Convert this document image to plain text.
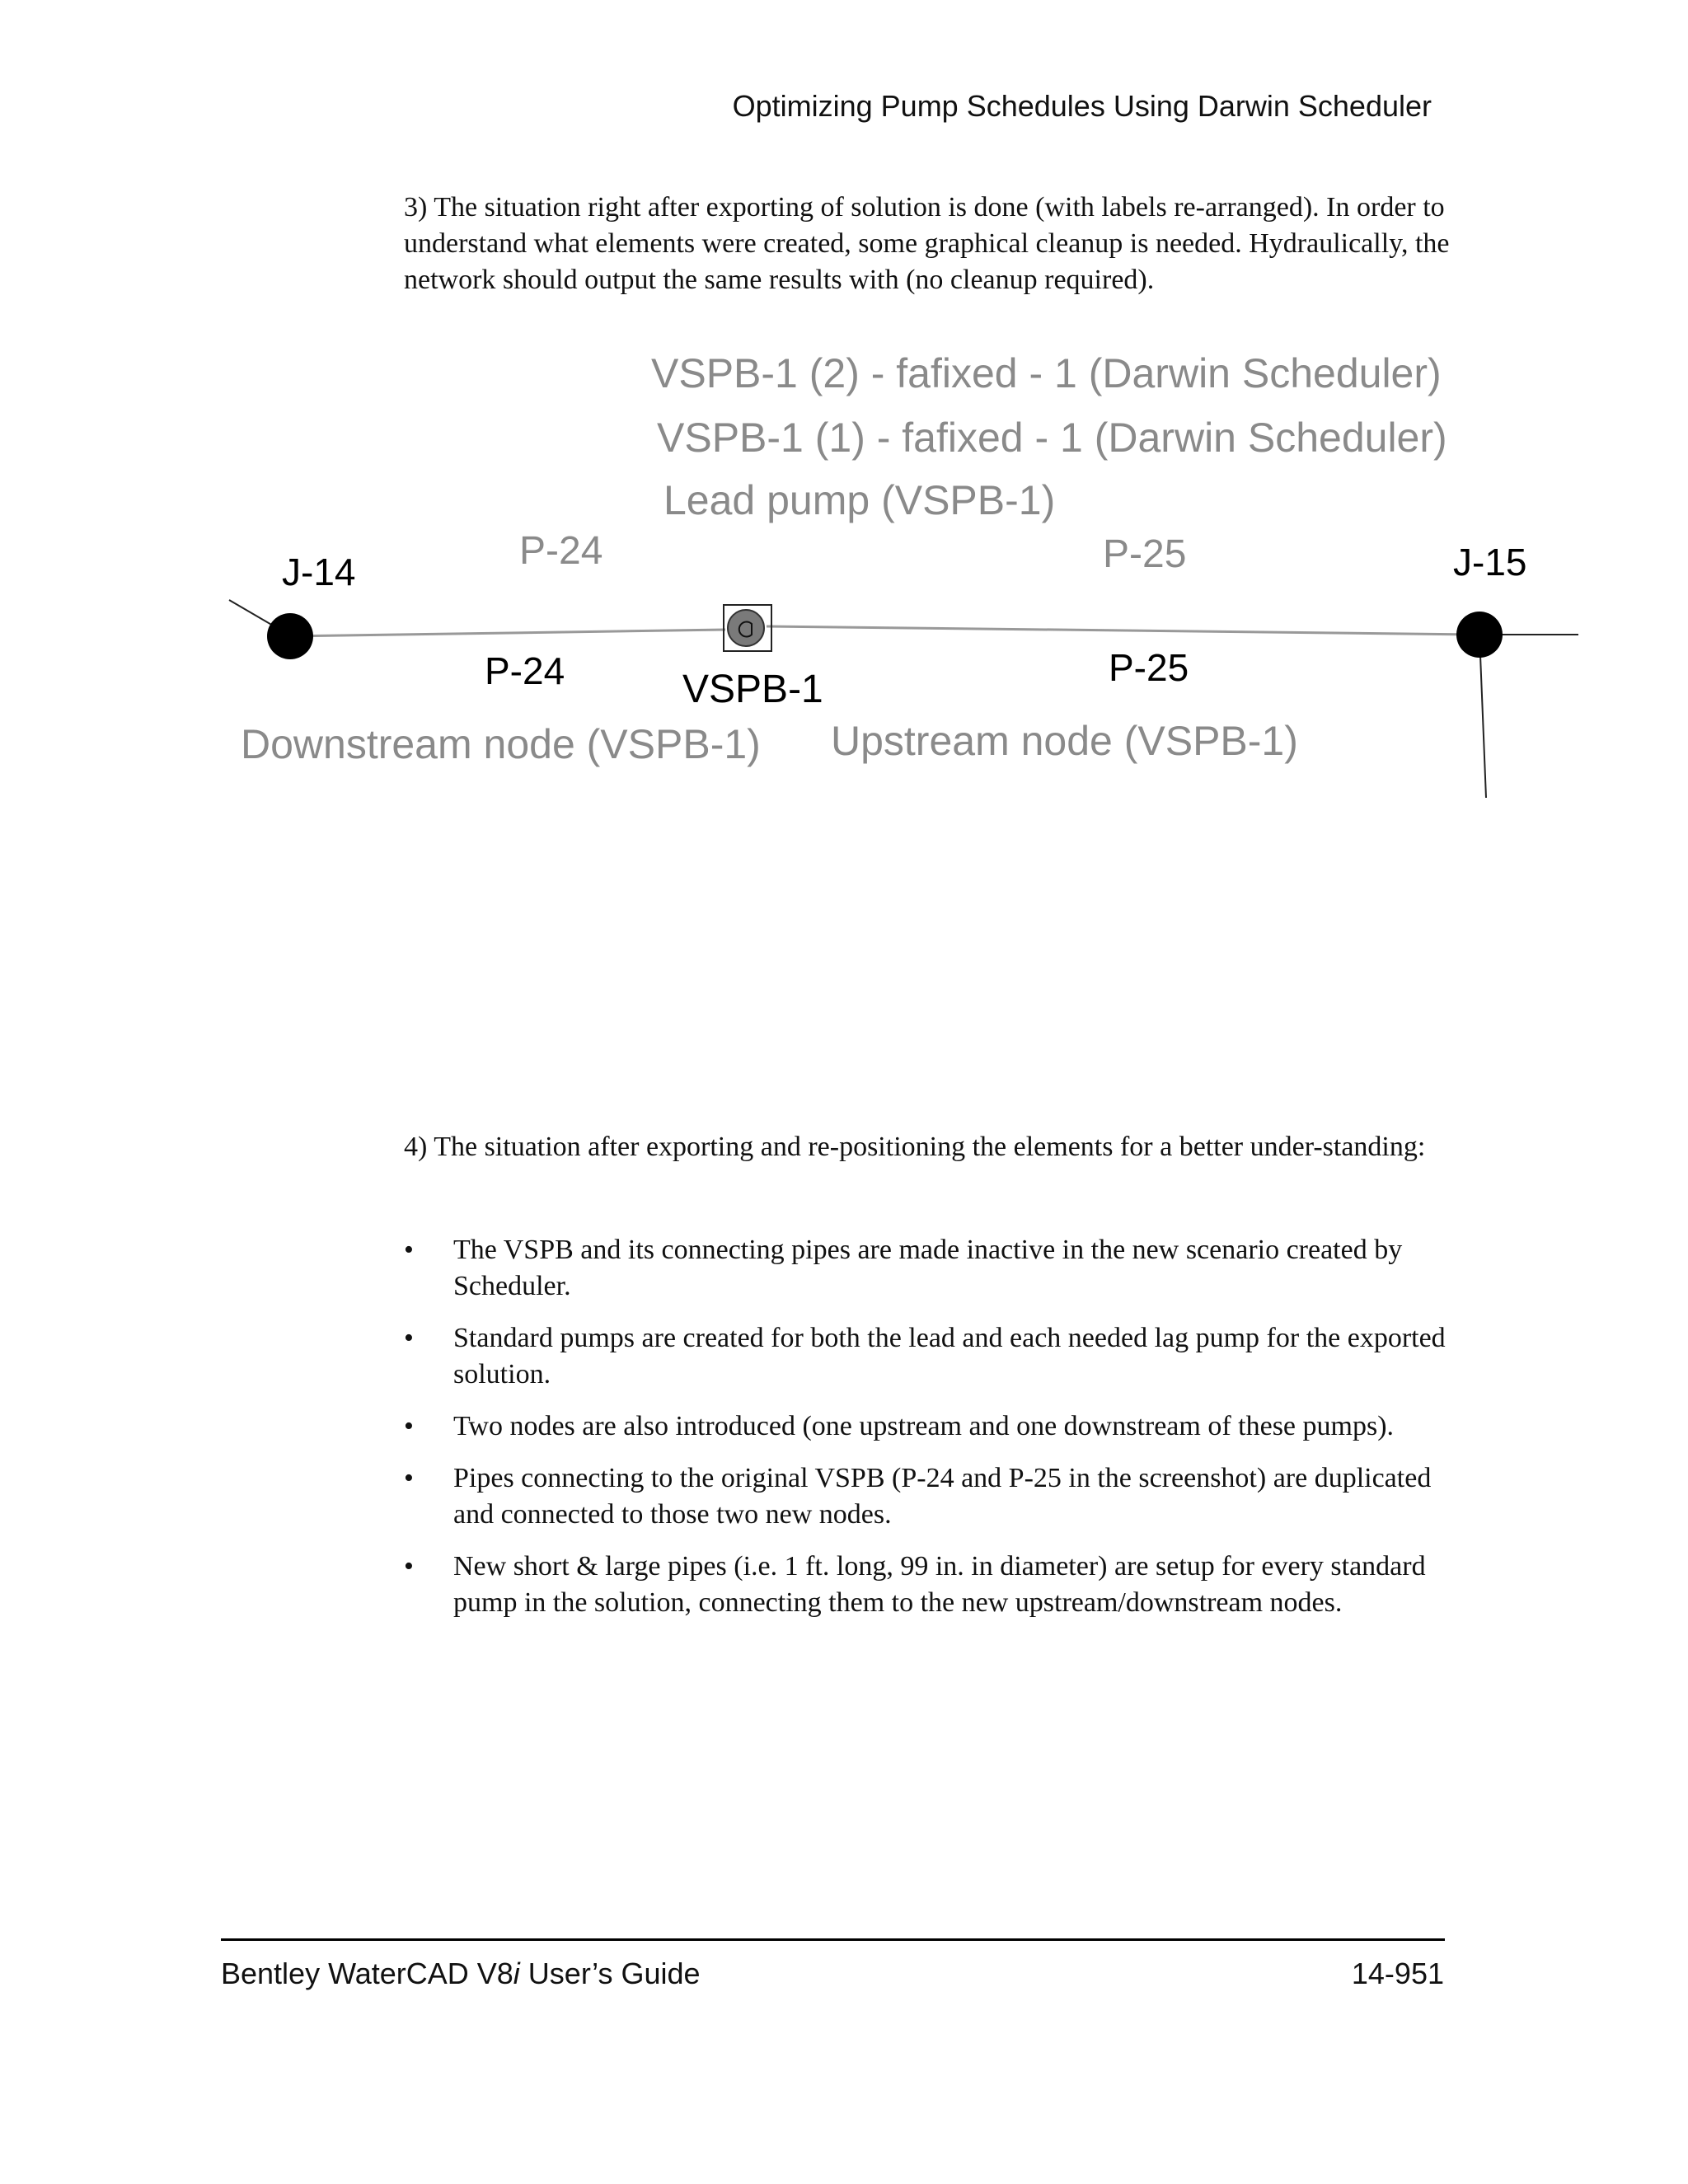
Optimizing Pump Schedules Using Darwin Scheduler

3) The situation right after exporting of solution is done (with labels re-arranged). In order to understand what elements were created, some graphical cleanup is needed. Hydraulically, the network should output the same results with (no cleanup required).

VSPB-1 (2) - fafixed - 1 (Darwin Scheduler)
VSPB-1 (1) - fafixed - 1 (Darwin Scheduler)
Lead pump (VSPB-1)
P-24	P-25
Downstream node (VSPB-1) Upstream node (VSPB-1)
J-14	J-15
P-24	P-25
VSPB-1

4) The situation after exporting and re-positioning the elements for a better under-standing:

•	The VSPB and its connecting pipes are made inactive in the new scenario created by Scheduler.
•	Standard pumps are created for both the lead and each needed lag pump for the exported solution.
•	Two nodes are also introduced (one upstream and one downstream of these pumps).
•	Pipes connecting to the original VSPB (P-24 and P-25 in the screenshot) are duplicated and connected to those two new nodes.
•	New short & large pipes (i.e. 1 ft. long, 99 in. in diameter) are setup for every standard pump in the solution, connecting them to the new upstream/downstream nodes.
Bentley WaterCAD V8i User’s Guide	14-951
